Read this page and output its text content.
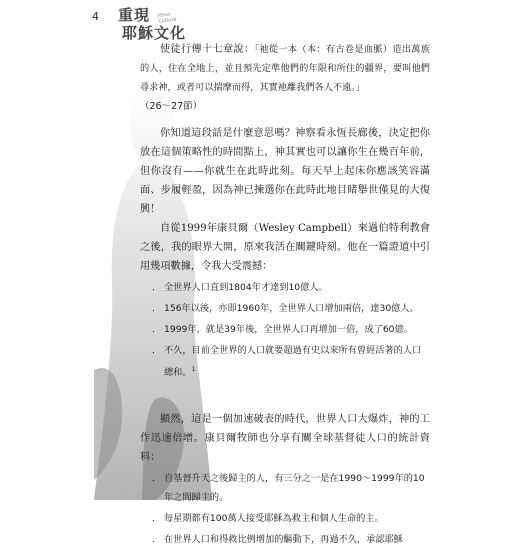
4 重現 Jesus Culture
耶穌文化

使徒行傳十七章說：「祂從一本（本：有古卷是血脈）造出萬族的人，住在全地上，並且預先定準他們的年限和所住的疆界，要叫他們尋求神，或者可以揣摩而得，其實祂離我們各人不遠。」

（26～27節）

你知道這段話是什麼意思嗎？神察看永恆長廊後，決定把你放在這個策略性的時間點上，神其實也可以讓你生在幾百年前，但你沒有——你就生在此時此刻。每天早上起床你應該笑容滿面、步履輕盈，因為神已揀選你在此時此地目睹舉世僅見的大復興！

自從1999年康貝爾（Wesley Campbell）來過伯特利教會之後，我的眼界大開，原來我活在關鍵時刻。他在一篇證道中引用幾項數據，令我大受震撼：

． 全世界人口直到1804年才達到10億人。
． 156年以後，亦即1960年，全世界人口增加兩倍，達30億人。
． 1999年，就是39年後，全世界人口再增加一倍，成了60億。
． 不久，目前全世界的人口就要超過有史以來所有曾經活著的人口總和。$^1$

顯然，這是一個加速破表的時代，世界人口大爆炸，神的工作迅速倍增。康貝爾牧師也分享有關全球基督徒人口的統計資料：

． 自基督升天之後歸主的人，有三分之一是在1990～1999年的10年之間歸主的。
． 每星期都有100萬人接受耶穌為救主和個人生命的主。
． 在世界人口和得救比例增加的驅動下，再過不久，承認耶穌
